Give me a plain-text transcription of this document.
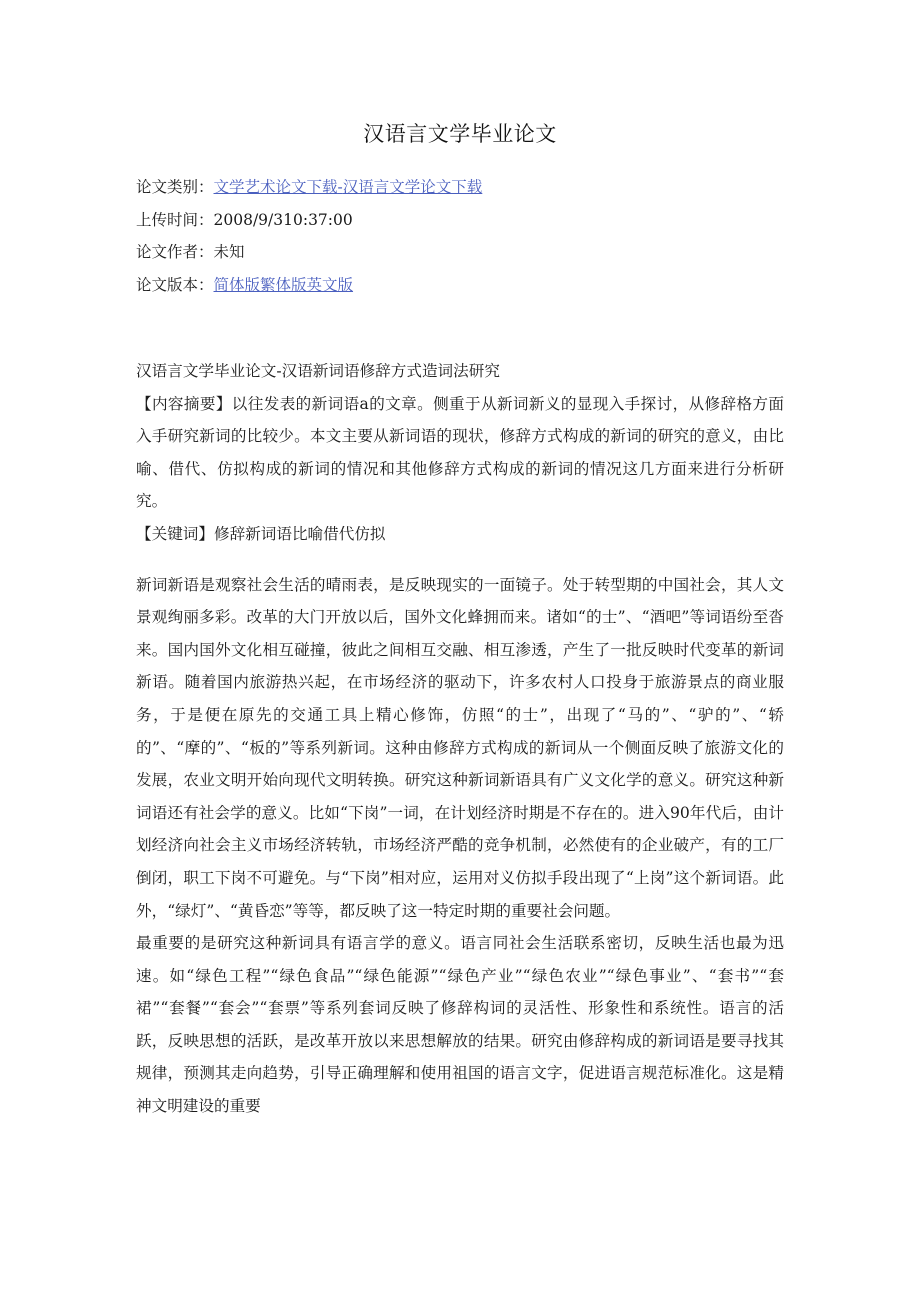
汉语言文学毕业论文
论文类别：文学艺术论文下载-汉语言文学论文下载
上传时间：2008/9/310:37:00
论文作者：未知
论文版本：简体版繁体版英文版

汉语言文学毕业论文-汉语新词语修辞方式造词法研究

【内容摘要】以往发表的新词语a的文章。侧重于从新词新义的显现入手探讨，从修辞格方面入手研究新词的比较少。本文主要从新词语的现状，修辞方式构成的新词的研究的意义，由比喻、借代、仿拟构成的新词的情况和其他修辞方式构成的新词的情况这几方面来进行分析研究。

【关键词】修辞新词语比喻借代仿拟

新词新语是观察社会生活的晴雨表，是反映现实的一面镜子。处于转型期的中国社会，其人文景观绚丽多彩。改革的大门开放以后，国外文化蜂拥而来。诸如“的士”、“酒吧”等词语纷至沓来。国内国外文化相互碰撞，彼此之间相互交融、相互渗透，产生了一批反映时代变革的新词新语。随着国内旅游热兴起，在市场经济的驱动下，许多农村人口投身于旅游景点的商业服务，于是便在原先的交通工具上精心修饰，仿照“的士”，出现了“马的”、“驴的”、“轿的”、“摩的”、“板的”等系列新词。这种由修辞方式构成的新词从一个侧面反映了旅游文化的发展，农业文明开始向现代文明转换。研究这种新词新语具有广义文化学的意义。研究这种新词语还有社会学的意义。比如“下岗”一词，在计划经济时期是不存在的。进入90年代后，由计划经济向社会主义市场经济转轨，市场经济严酷的竞争机制，必然使有的企业破产，有的工厂倒闭，职工下岗不可避免。与“下岗”相对应，运用对义仿拟手段出现了“上岗”这个新词语。此外，“绿灯”、“黄昏恋”等等，都反映了这一特定时期的重要社会问题。

最重要的是研究这种新词具有语言学的意义。语言同社会生活联系密切，反映生活也最为迅速。如“绿色工程”“绿色食品”“绿色能源”“绿色产业”“绿色农业”“绿色事业”、“套书”“套裙”“套餐”“套会”“套票”等系列套词反映了修辞构词的灵活性、形象性和系统性。语言的活跃，反映思想的活跃，是改革开放以来思想解放的结果。研究由修辞构成的新词语是要寻找其规律，预测其走向趋势，引导正确理解和使用祖国的语言文字，促进语言规范标准化。这是精神文明建设的重要
